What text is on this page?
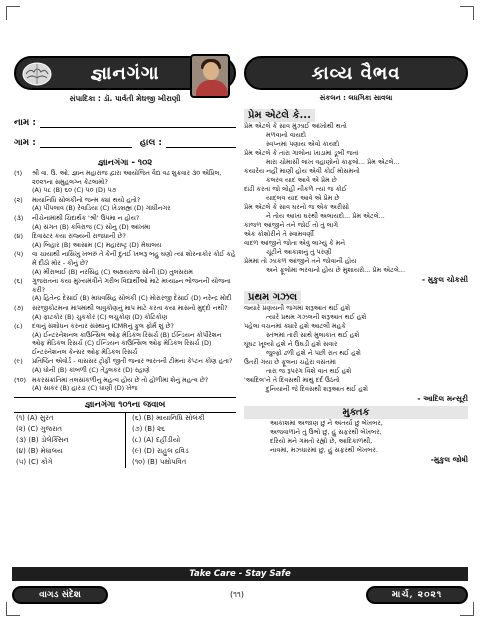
જ્ઞાનગંગા
સંપાદિકા : ડૉ. પાર્વતી મેઘજી ખીરાણી
નામ :
ગામ :	હાલ :
જ્ઞાનગંગા - ૧૦૨
(૧)	શ્રી વા. ઉ. ઓ. જ્ઞાન મહારાજ દ્વારા આયોજિત વૈદ્ય વઢ શુક્રવાર ૩૦ એપ્રિલ, ૨૦૨૧ના સમુહલગ્ન કેટલામો?
(A) ૫૮ (B) ૬૦ (C) ૫૦ (D) ૫૭
(૨)	માયાનિધિ સોલંકીનો જન્મ ક્યાં થયો હતો?
(A) પીપલાવ (B) રેવાડિયા (C) ખેડબ્રહ્મ (D) ગાંધીનગર
(૩)	નીચેનામાંથી ચિદાર્થક 'શ્રી' ઉપમા ન હોય?
(A) સંગત (B) કવિરાજ (C) સોનુ (D) આંખમા
(૪)	દિવાસ્ટર કયા રાજ્યની રાજધાની છે?
(A) બિહાર (B) આસામ (C) મહારાષ્ટ્ર (D) મેઘાલય
(૫)	વા ચાયાથી નાસિખુ ખબરું તે કેની દુતઈ ખબરૂ બહુ ઘણો ત્યાં શોરનાકોર કોઈ કહે મેં દીઠો મોર - કોનું છે?
(A) મીરાબાઈ (B) નરસિંહ (C) અક્ષયરાજ સોની (D) તુલસરામ
(૬)	ગુજરાતના કયા મુખ્યમંત્રીને ગરીબ વિદ્યાર્થીઓ માટે મધ્યાહ્ન ભોજનની યોજના કરી?
(A) હિતેન્દ્ર દેસાઈ (B) માધવસિંહ સોલંકી (C) મોરારજી દેસાઈ (D) નરેન્દ્ર મોદી
(૭)	સરજીકોટમના માપમાંથી લાવુકોણનું માપ માટે કરતા કયા માસનો મુદ્દો નથી?
(A) ફાટકોર (B) ચુકકોર (C) લચુકોણ (D) કોટિકોણ
(૮)	દવાનું સંશોધન કરનાર સંસ્થાનુ ICMRનું ફુલ ફોર્મ શું છે?
(A) ઈન્ટરનેશનલ કાઉન્સિલ ઓફ મેડિકલ રિસર્ચ (B) ઈન્ડિયન કોર્પોરેશન ઓફ મેડિકલ રિસર્ચ (C) ઈન્ડિયન કાઉન્સિલ ઓફ મેડિકલ રિસર્ચ (D) ઈન્ટરનેશનલ કેન્સર ઓફ મેડિકલ રિસર્ચ
(૯)	પ્રતિષ્ઠિત એવોર્ડ - વાસસર ટ્રોફી જીતી જનાર ભારતની ટીમના કેપ્ટન કોણ હતા?
(A) ધોની (B) કાંબળી (C) તેંડુલકર (D) રહાણે
(૧૦) મકરસંક્રાંતિમાં તલસાંકળીનુ મહત્વ હોય છે તો હોળીમાં શેનું મહત્વ છે?
(A) સાકર (B) હારડા (C) ધાણી (D) ખેજ
જ્ઞાનગંગા ૧૦૧ના જવાબ
(૧) (A) સુરત	(૬) (B) માયાનિધિ સોલંકી
(૨) (C) ગુજરાત	(૭) (B) ૨૬
(૩) (B) ડોલેક્સિન	(૮) (A) દહીંડીયો
(૪) (B) મેઘાલય	(૯) (D) રાહુલ દ્રવિડ
(૫) (C) કોંગે	(૧૦) (B) પક્ષોપવિત
કાવ્ય વૈભવ
સંકલન : લધગિકા સાવલા
પ્રેમ એટલે કે...
પ્રેમ એટલે કે સાવ મુંઝાઈ આંખોથી થતો
મળવાનો વાયદો
સ્વપ્નમાં પણાય એવો કાયદો
પ્રેમ એટલે કે તારા ગાલોના ખાડામાં ડૂબી જતાં
મારા ચોમાસી લાખ વહાણોનો કાફલો... પ્રેમ એટલે...
કયારેય નહીં માણી હોય એવી કોઈ મોસમનો
કલરવ યાદ આવે એ પ્રેમ છે
દાઢી કરતાં જો લોહી નીકળે ત્યાં જ કોઈ
યાદ્લવ યાદ આવે એ પ્રેમ છે
પ્રેમ એટલે કે સાવ ઘરનો જ એક અરીસો
ને તોય આખા ઘરથી અલાયદો... પ્રેમ એટલે...
કાજળ આંજીને તને જોઈ તો તું લાગે
એક કોશોરીને તે સ્વામવર્ણી
વાદળ આંજીને જોતા એવું લાગ્યું કે મને
ચૂંટીને આકાશનું તું પરણી
પ્રેમમાં તો ઝાકળ આંજીને તને જોવાની હોય
અને ફૂલોમાં ભરવાનો હોય છે મુશાયરો... પ્રેમ એટલે...
- મુકુલ ચોકસી
પ્રથમ ગઝલ
જ્યારે પ્રણયની જગમાં શરૂઆત થઈ હશે
ત્યારે પ્રથમ ગઝલની શરૂઆત થઈ હશે
પહેલા વચનમાં ક્યારે હશે આટલી મહકે
સ્તંભમાં તારી સાથે મુલાકાત થઈ હશે
ઘૂંઘટ ખૂલ્યો હશે ને ઉઘડી હશે સવાર
જુલ્ફો ઢળી હશે ને પછી રાત થઈ હશે
ઉતરી ગયા છે ફૂલના ચહેરા વસંતમાં
તારા જ રૂપરંગ વિશે વાત થઈ હશે
'આદિલ'ને તે દિવસથી માથું દર્દ ઉઠતો
દુનિયાની જે દિવસથી શરૂઆત થઈ હશે
- આદિલ મન્સૂરી
મુક્તક
આકાશમાં અજાણ છું ને અંતર્યા છું બેખબર,
અજવાળાંને તું ઉભો છું, હું સફરથી બેખબર,
દરિયો મને ગમતો રહ્યો છે, આદિકાળથી,
નાવમાં, મઝધારમાં છું, હું સફરથી બેખબર.
-મુકુલ જોષી
Take Care - Stay Safe
વાગડ સંદેશ	(૧૧)	માર્ચ, ૨૦૨૧
